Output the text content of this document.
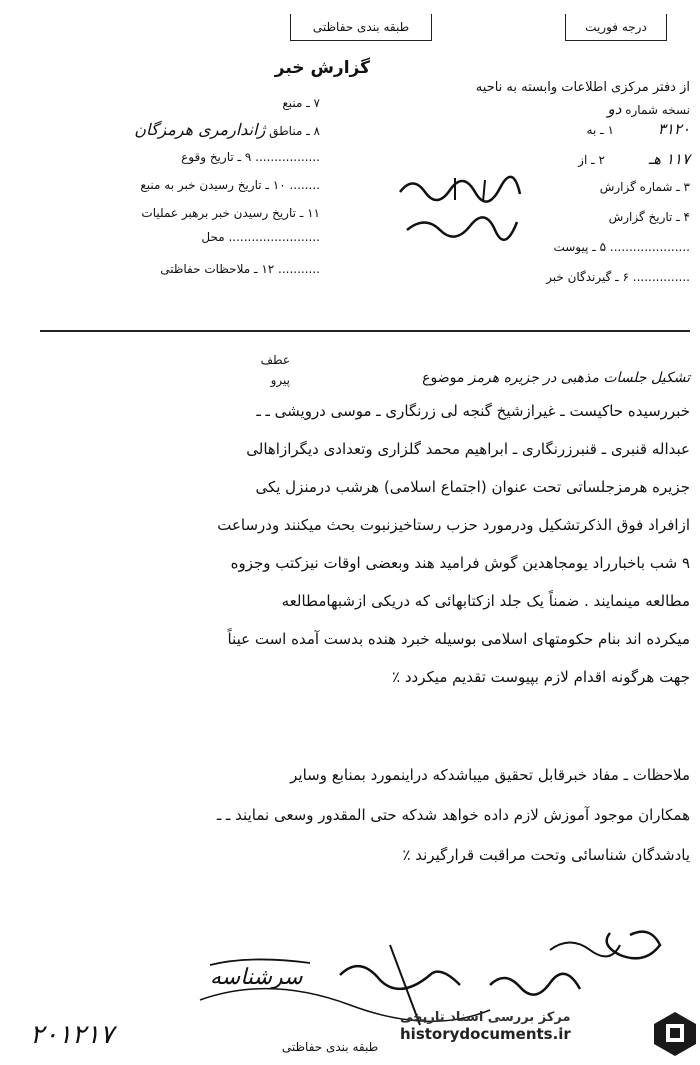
طبقه بندی حفاظتی	درجه فوریت
گزارش خبر
از دفتر مرکزی اطلاعات وابسته به ناحیه
نسخه شماره دو
۷ ـ منبع
۸ ـ مناطق ژاندارمری هرمزگان
................. ۹ ـ تاریخ وقوع
........ ۱۰ ـ تاریخ رسیدن خبر به منبع
۱۱ ـ تاریخ رسیدن خبر برهبر عملیات
........................ محل
........... ۱۲ ـ ملاحظات حفاظتی
۳۱۲۰ ۱ ـ به
۱۱۷ هـ ۲ ـ از
۳ ـ شماره گزارش
۴ ـ تاریخ گزارش
..................... ۵ ـ پیوست
............... ۶ ـ گیرندگان خبر
تشکیل جلسات مذهبی در جزیره هرمز موضوع
عطف
پیرو
خبررسیده حاکیست ـ غیرازشیخ گنجه لی زرنگاری ـ موسی درویشی ـ ـ
عبداله قنبری ـ قنبرزرنگاری ـ ابراهیم محمد گلزاری وتعدادی دیگرازاهالی
جزیره هرمزجلساتی تحت عنوان (اجتماع اسلامی) هرشب درمنزل یکی
ازافراد فوق الذکرتشکیل ودرمورد حزب رستاخیزنبوت بحث میکنند ودرساعت
۹ شب باخبارراد یومجاهدین گوش فرامید هند وبعضی اوقات نیزکتب وجزوه
مطالعه مینمایند . ضمناً یک جلد ازکتابهائی که دریکی ازشبهامطالعه
میکرده اند بنام حکومتهای اسلامی بوسیله خبرد هنده بدست آمده است عیناً
جهت هرگونه اقدام لازم بپیوست تقدیم میکردد ٪
ملاحظات ـ مفاد خبرقابل تحقیق میباشدکه دراینمورد بمنابع وسایر
همکاران موجود آموزش لازم داده خواهد شدکه حتی المقدور وسعی نمایند ـ ـ
یادشدگان شناسائی وتحت مراقبت قرارگیرند ٪
سرشناسه
۲۰۱۲۱۷	طبقه بندی حفاظتی
مرکز بررسی اسناد تاریخی
historydocuments.ir
